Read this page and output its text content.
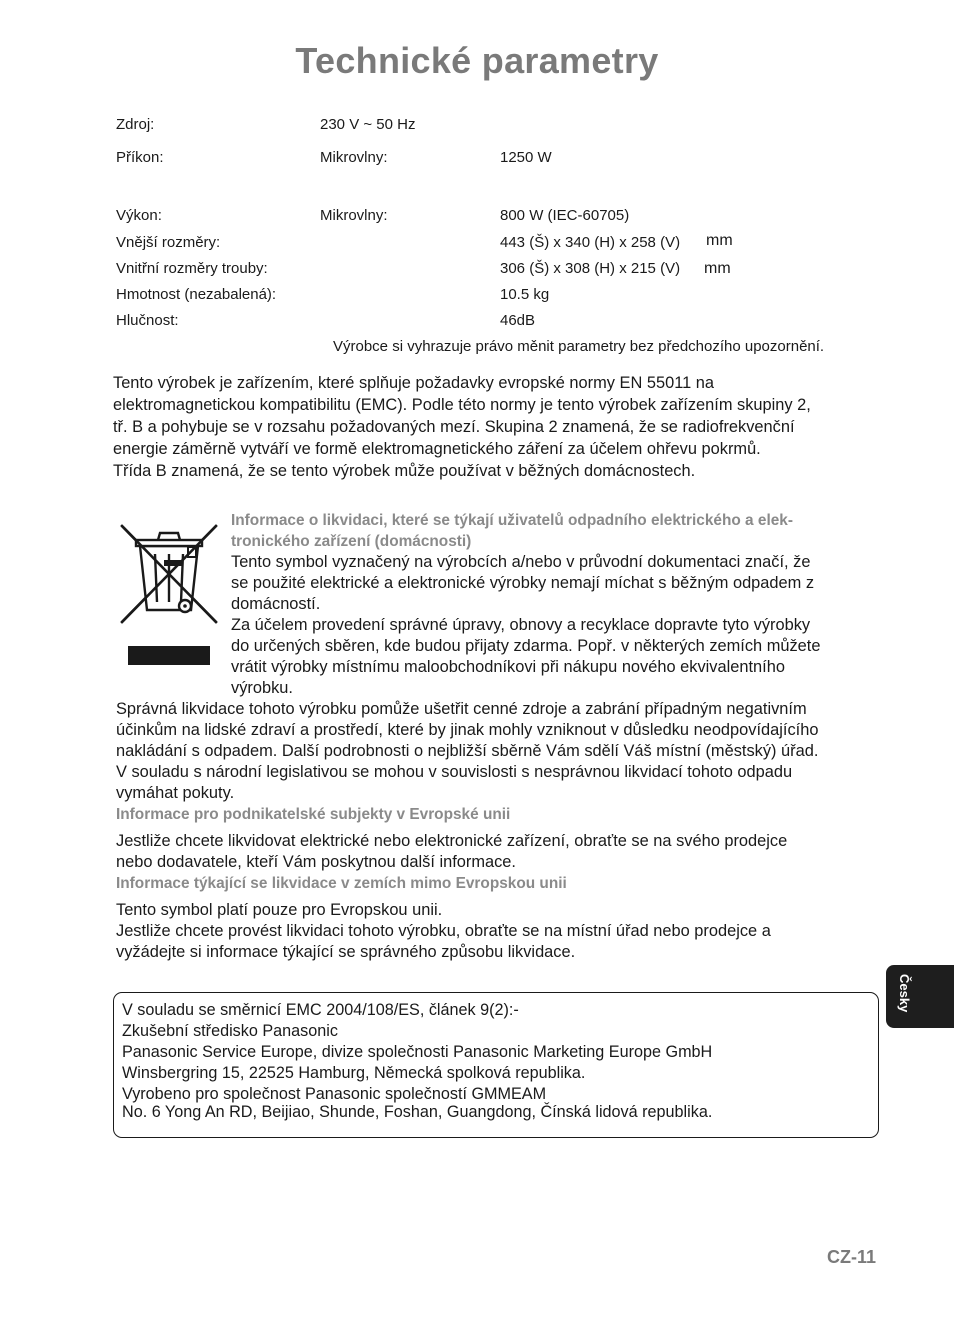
Technické parametry
Zdroj:	230 V ~ 50 Hz
Příkon:	Mikrovlny:	1250 W
Výkon:	Mikrovlny:	800 W (IEC-60705)
Vnější rozměry:	443 (Š) x 340 (H) x 258 (V) mm
Vnitřní rozměry trouby:	306 (Š) x 308 (H) x 215 (V) mm
Hmotnost (nezabalená):	10.5 kg
Hlučnost:	46dB
Výrobce si vyhrazuje právo měnit parametry bez předchozího upozornění.
Tento výrobek je zařízením, které splňuje požadavky evropské normy EN 55011 na
elektromagnetickou kompatibilitu (EMC). Podle této normy je tento výrobek zařízením skupiny 2,
tř. B a pohybuje se v rozsahu požadovaných mezí. Skupina 2 znamená, že se radiofrekvenční
energie záměrně vytváří ve formě elektromagnetického záření za účelem ohřevu pokrmů.
Třída B znamená, že se tento výrobek může používat v běžných domácnostech.
Informace o likvidaci, které se týkají uživatelů odpadního elektrického a elek-
tronického zařízení (domácnosti)
Tento symbol vyznačený na výrobcích a/nebo v průvodní dokumentaci značí, že
se použité elektrické a elektronické výrobky nemají míchat s běžným odpadem z
domácností.
Za účelem provedení správné úpravy, obnovy a recyklace dopravte tyto výrobky
do určených sběren, kde budou přijaty zdarma. Popř. v některých zemích můžete
vrátit výrobky místnímu maloobchodníkovi při nákupu nového ekvivalentního
výrobku.
Správná likvidace tohoto výrobku pomůže ušetřit cenné zdroje a zabrání případným negativním
účinkům na lidské zdraví a prostředí, které by jinak mohly vzniknout v důsledku neodpovídajícího
nakládání s odpadem. Další podrobnosti o nejbližší sběrně Vám sdělí Váš místní (městský) úřad.
V souladu s národní legislativou se mohou v souvislosti s nesprávnou likvidací tohoto odpadu
vymáhat pokuty.
Informace pro podnikatelské subjekty v Evropské unii
Jestliže chcete likvidovat elektrické nebo elektronické zařízení, obraťte se na svého prodejce
nebo dodavatele, kteří Vám poskytnou další informace.
Informace týkající se likvidace v zemích mimo Evropskou unii
Tento symbol platí pouze pro Evropskou unii.
Jestliže chcete provést likvidaci tohoto výrobku, obraťte se na místní úřad nebo prodejce a
vyžádejte si informace týkající se správného způsobu likvidace.
Česky
V souladu se směrnicí EMC 2004/108/ES, článek 9(2):-
Zkušební středisko Panasonic
Panasonic Service Europe, divize společnosti Panasonic Marketing Europe GmbH
Winsbergring 15, 22525 Hamburg, Německá spolková republika.
Vyrobeno pro společnost Panasonic společností GMMEAM
No. 6 Yong An RD, Beijiao, Shunde, Foshan, Guangdong, Čínská lidová republika.
CZ-11
